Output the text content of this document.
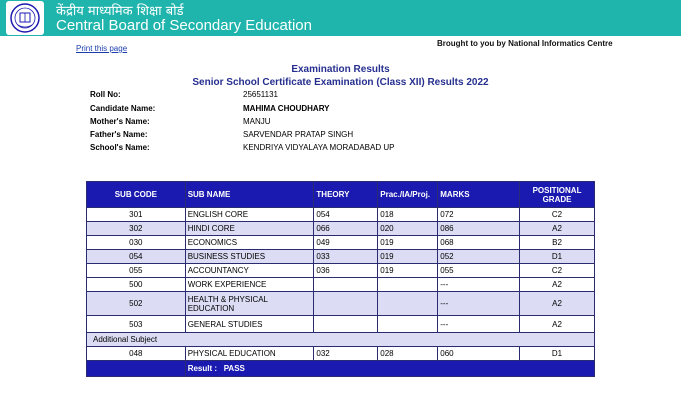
केंद्रीय माध्यमिक शिक्षा बोर्ड
Central Board of Secondary Education
Print this page
Brought to you by National Informatics Centre
Examination Results
Senior School Certificate Examination (Class XII) Results 2022
Roll No:	25651131
Candidate Name:	MAHIMA CHOUDHARY
Mother's Name:	MANJU
Father's Name:	SARVENDAR PRATAP SINGH
School's Name:	KENDRIYA VIDYALAYA MORADABAD UP
SUB CODE	SUB NAME	THEORY	Prac./IA/Proj.	MARKS	POSITIONAL GRADE
301	ENGLISH CORE	054	018	072	C2
302	HINDI CORE	066	020	086	A2
030	ECONOMICS	049	019	068	B2
054	BUSINESS STUDIES	033	019	052	D1
055	ACCOUNTANCY	036	019	055	C2
500	WORK EXPERIENCE			---	A2
502	HEALTH & PHYSICAL EDUCATION			---	A2
503	GENERAL STUDIES			---	A2
Additional Subject					
048	PHYSICAL EDUCATION	032	028	060	D1
	Result :   PASS				
